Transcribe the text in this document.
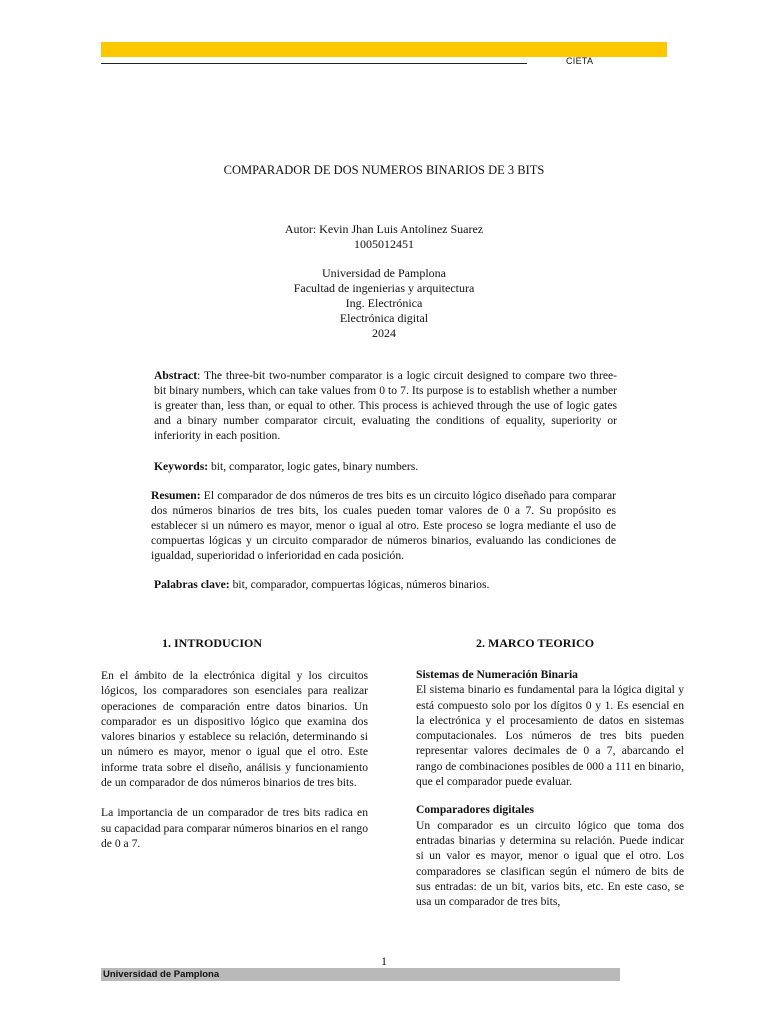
CIETA
COMPARADOR DE DOS NUMEROS BINARIOS DE 3 BITS
Autor: Kevin Jhan Luis Antolinez Suarez
1005012451
Universidad de Pamplona
Facultad de ingenierias y arquitectura
Ing. Electrónica
Electrónica digital
2024
Abstract: The three-bit two-number comparator is a logic circuit designed to compare two three-bit binary numbers, which can take values from 0 to 7. Its purpose is to establish whether a number is greater than, less than, or equal to other. This process is achieved through the use of logic gates and a binary number comparator circuit, evaluating the conditions of equality, superiority or inferiority in each position.
Keywords: bit, comparator, logic gates, binary numbers.
Resumen: El comparador de dos números de tres bits es un circuito lógico diseñado para comparar dos números binarios de tres bits, los cuales pueden tomar valores de 0 a 7. Su propósito es establecer si un número es mayor, menor o igual al otro. Este proceso se logra mediante el uso de compuertas lógicas y un circuito comparador de números binarios, evaluando las condiciones de igualdad, superioridad o inferioridad en cada posición.
Palabras clave: bit, comparador, compuertas lógicas, números binarios.
1. INTRODUCION	2. MARCO TEORICO

En el ámbito de la electrónica digital y los circuitos lógicos, los comparadores son esenciales para realizar operaciones de comparación entre datos binarios. Un comparador es un dispositivo lógico que examina dos valores binarios y establece su relación, determinando si un número es mayor, menor o igual que el otro. Este informe trata sobre el diseño, análisis y funcionamiento de un comparador de dos números binarios de tres bits.

La importancia de un comparador de tres bits radica en su capacidad para comparar números binarios en el rango de 0 a 7.

Sistemas de Numeración Binaria

El sistema binario es fundamental para la lógica digital y está compuesto solo por los dígitos 0 y 1. Es esencial en la electrónica y el procesamiento de datos en sistemas computacionales. Los números de tres bits pueden representar valores decimales de 0 a 7, abarcando el rango de combinaciones posibles de 000 a 111 en binario, que el comparador puede evaluar.

Comparadores digitales

Un comparador es un circuito lógico que toma dos entradas binarias y determina su relación. Puede indicar si un valor es mayor, menor o igual que el otro. Los comparadores se clasifican según el número de bits de sus entradas: de un bit, varios bits, etc. En este caso, se usa un comparador de tres bits,

1
Universidad de Pamplona
